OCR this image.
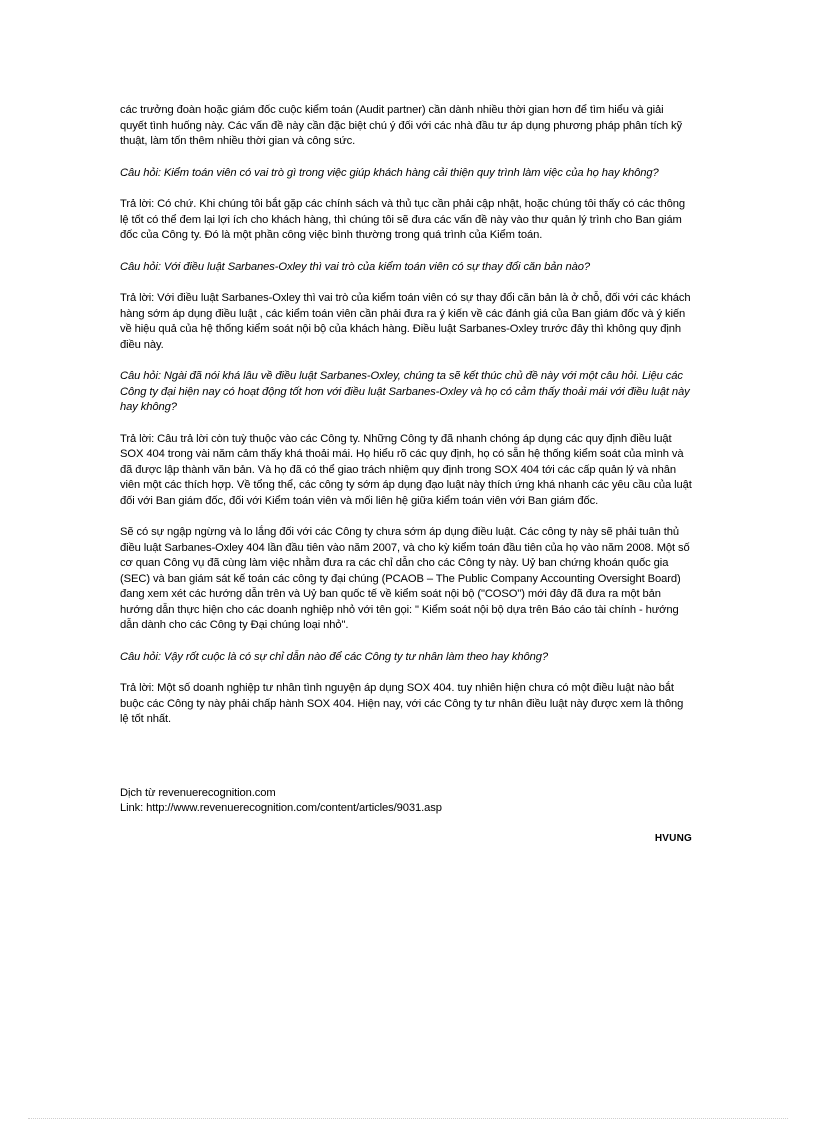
các trưởng đoàn hoặc giám đốc cuộc kiểm toán (Audit partner) cần dành nhiều thời gian hơn để tìm hiểu và giải quyết tình huống này. Các vấn đề này cần đặc biệt chú ý đối với các nhà đầu tư áp dụng phương pháp phân tích kỹ thuật, làm tốn thêm nhiều thời gian và công sức.

Câu hỏi: Kiểm toán viên có vai trò gì trong việc giúp khách hàng cải thiện quy trình làm việc của họ hay không?

Trả lời: Có chứ. Khi chúng tôi bắt gặp các chính sách và thủ tục cần phải cập nhật, hoặc chúng tôi thấy có các thông lệ tốt có thể đem lại lợi ích cho khách hàng, thì chúng tôi sẽ đưa các vấn đề này vào thư quản lý trình cho Ban giám đốc của Công ty. Đó là một phần công việc bình thường trong quá trình của Kiểm toán.

Câu hỏi: Với điều luật Sarbanes-Oxley thì vai trò của kiểm toán viên có sự thay đổi căn bản nào?

Trả lời: Với điều luật Sarbanes-Oxley thì vai trò của kiểm toán viên có sự thay đổi căn bản là ở chỗ, đối với các khách hàng sớm áp dụng điều luật , các kiểm toán viên cần phải đưa ra ý kiến về các đánh giá của Ban giám đốc và ý kiến về hiệu quả của hệ thống kiểm soát nội bộ của khách hàng. Điều luật Sarbanes-Oxley trước đây thì không quy định điều này.

Câu hỏi: Ngài đã nói khá lâu về điều luật Sarbanes-Oxley, chúng ta sẽ kết thúc chủ đề này với một câu hỏi. Liệu các Công ty đại hiện nay có hoạt động tốt hơn với điều luật Sarbanes-Oxley và họ có cảm thấy thoải mái với điều luật này hay không?

Trả lời: Câu trả lời còn tuỳ thuộc vào các Công ty. Những Công ty đã nhanh chóng áp dụng các quy định điều luật SOX 404 trong vài năm cảm thấy khá thoải mái. Họ hiểu rõ các quy định, họ có sẵn hệ thống kiểm soát của mình và đã được lập thành văn bản. Và họ đã có thể giao trách nhiệm quy định trong SOX 404 tới các cấp quản lý và nhân viên một các thích hợp. Về tổng thể, các công ty sớm áp dụng đạo luật này thích ứng khá nhanh các yêu cầu của luật đối với Ban giám đốc, đối với Kiểm toán viên và mối liên hệ giữa kiểm toán viên với Ban giám đốc.

Sẽ có sự ngập ngừng và lo lắng đối với các Công ty chưa sớm áp dụng điều luật. Các công ty này sẽ phải tuân thủ điều luật Sarbanes-Oxley 404 lần đầu tiên vào năm 2007, và cho kỳ kiểm toán đầu tiên của họ vào năm 2008. Một số cơ quan Công vụ đã cùng làm việc nhằm đưa ra các chỉ dẫn cho các Công ty này. Uỷ ban chứng khoán quốc gia (SEC) và ban giám sát kế toán các công ty đại chúng (PCAOB – The Public Company Accounting Oversight Board) đang xem xét các hướng dẫn trên và Uỷ ban quốc tế về kiểm soát nội bộ ("COSO") mới đây đã đưa ra một bản hướng dẫn thực hiện cho các doanh nghiệp nhỏ với tên gọi: " Kiểm soát nội bộ dựa trên Báo cáo tài chính - hướng dẫn dành cho các Công ty Đại chúng loại nhỏ".

Câu hỏi: Vậy rốt cuộc là có sự chỉ dẫn nào để các Công ty tư nhân làm theo hay không?

Trả lời: Một số doanh nghiệp tư nhân tình nguyện áp dụng SOX 404. tuy nhiên hiện chưa có một điều luật nào bắt buộc các Công ty này phải chấp hành SOX 404. Hiện nay, với các Công ty tư nhân điều luật này được xem là thông lệ tốt nhất.

Dịch từ revenuerecognition.com
Link: http://www.revenuerecognition.com/content/articles/9031.asp

HVUNG
